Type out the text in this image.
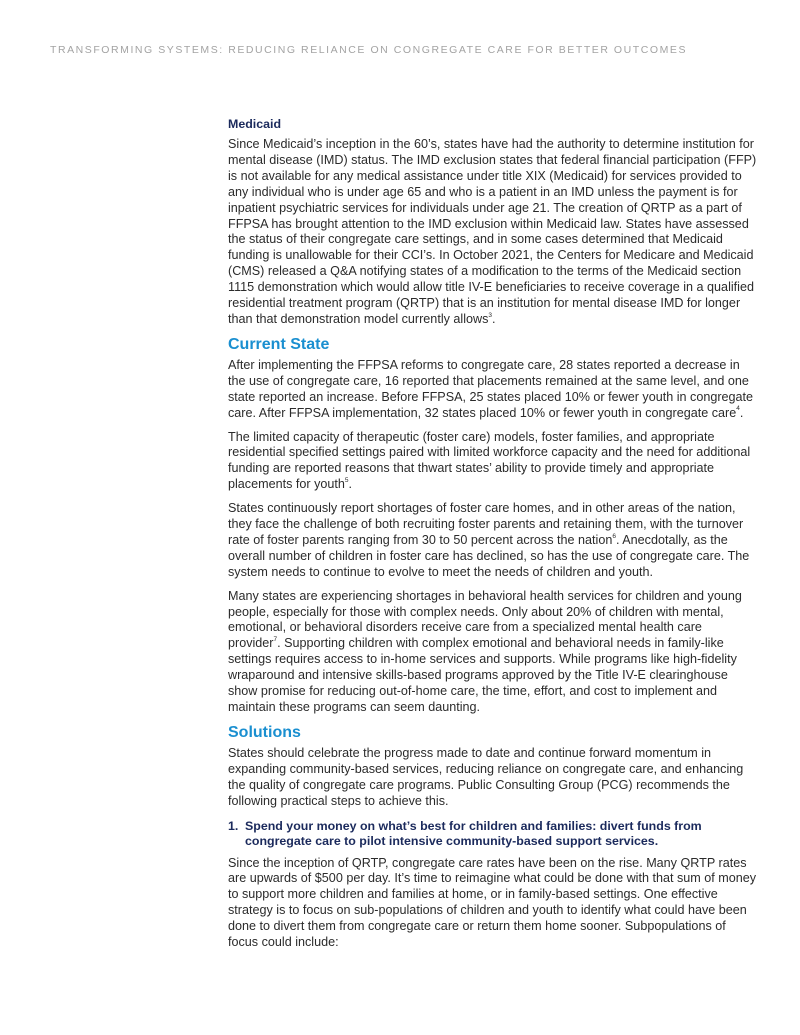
TRANSFORMING SYSTEMS: REDUCING RELIANCE ON CONGREGATE CARE FOR BETTER OUTCOMES
Medicaid

Since Medicaid’s inception in the 60’s, states have had the authority to determine institution for mental disease (IMD) status. The IMD exclusion states that federal financial participation (FFP) is not available for any medical assistance under title XIX (Medicaid) for services provided to any individual who is under age 65 and who is a patient in an IMD unless the payment is for inpatient psychiatric services for individuals under age 21. The creation of QRTP as a part of FFPSA has brought attention to the IMD exclusion within Medicaid law. States have assessed the status of their congregate care settings, and in some cases determined that Medicaid funding is unallowable for their CCI’s. In October 2021, the Centers for Medicare and Medicaid (CMS) released a Q&A notifying states of a modification to the terms of the Medicaid section 1115 demonstration which would allow title IV-E beneficiaries to receive coverage in a qualified residential treatment program (QRTP) that is an institution for mental disease IMD for longer than that demonstration model currently allows$^3$.

Current State

After implementing the FFPSA reforms to congregate care, 28 states reported a decrease in the use of congregate care, 16 reported that placements remained at the same level, and one state reported an increase. Before FFPSA, 25 states placed 10% or fewer youth in congregate care. After FFPSA implementation, 32 states placed 10% or fewer youth in congregate care$^4$.

The limited capacity of therapeutic (foster care) models, foster families, and appropriate residential specified settings paired with limited workforce capacity and the need for additional funding are reported reasons that thwart states’ ability to provide timely and appropriate placements for youth$^5$.

States continuously report shortages of foster care homes, and in other areas of the nation, they face the challenge of both recruiting foster parents and retaining them, with the turnover rate of foster parents ranging from 30 to 50 percent across the nation$^6$. Anecdotally, as the overall number of children in foster care has declined, so has the use of congregate care. The system needs to continue to evolve to meet the needs of children and youth.

Many states are experiencing shortages in behavioral health services for children and young people, especially for those with complex needs. Only about 20% of children with mental, emotional, or behavioral disorders receive care from a specialized mental health care provider$^7$. Supporting children with complex emotional and behavioral needs in family-like settings requires access to in-home services and supports. While programs like high-fidelity wraparound and intensive skills-based programs approved by the Title IV-E clearinghouse show promise for reducing out-of-home care, the time, effort, and cost to implement and maintain these programs can seem daunting.

Solutions

States should celebrate the progress made to date and continue forward momentum in expanding community-based services, reducing reliance on congregate care, and enhancing the quality of congregate care programs. Public Consulting Group (PCG) recommends the following practical steps to achieve this.

1. Spend your money on what’s best for children and families: divert funds from congregate care to pilot intensive community-based support services.

Since the inception of QRTP, congregate care rates have been on the rise. Many QRTP rates are upwards of $500 per day. It’s time to reimagine what could be done with that sum of money to support more children and families at home, or in family-based settings. One effective strategy is to focus on sub-populations of children and youth to identify what could have been done to divert them from congregate care or return them home sooner. Subpopulations of focus could include:
